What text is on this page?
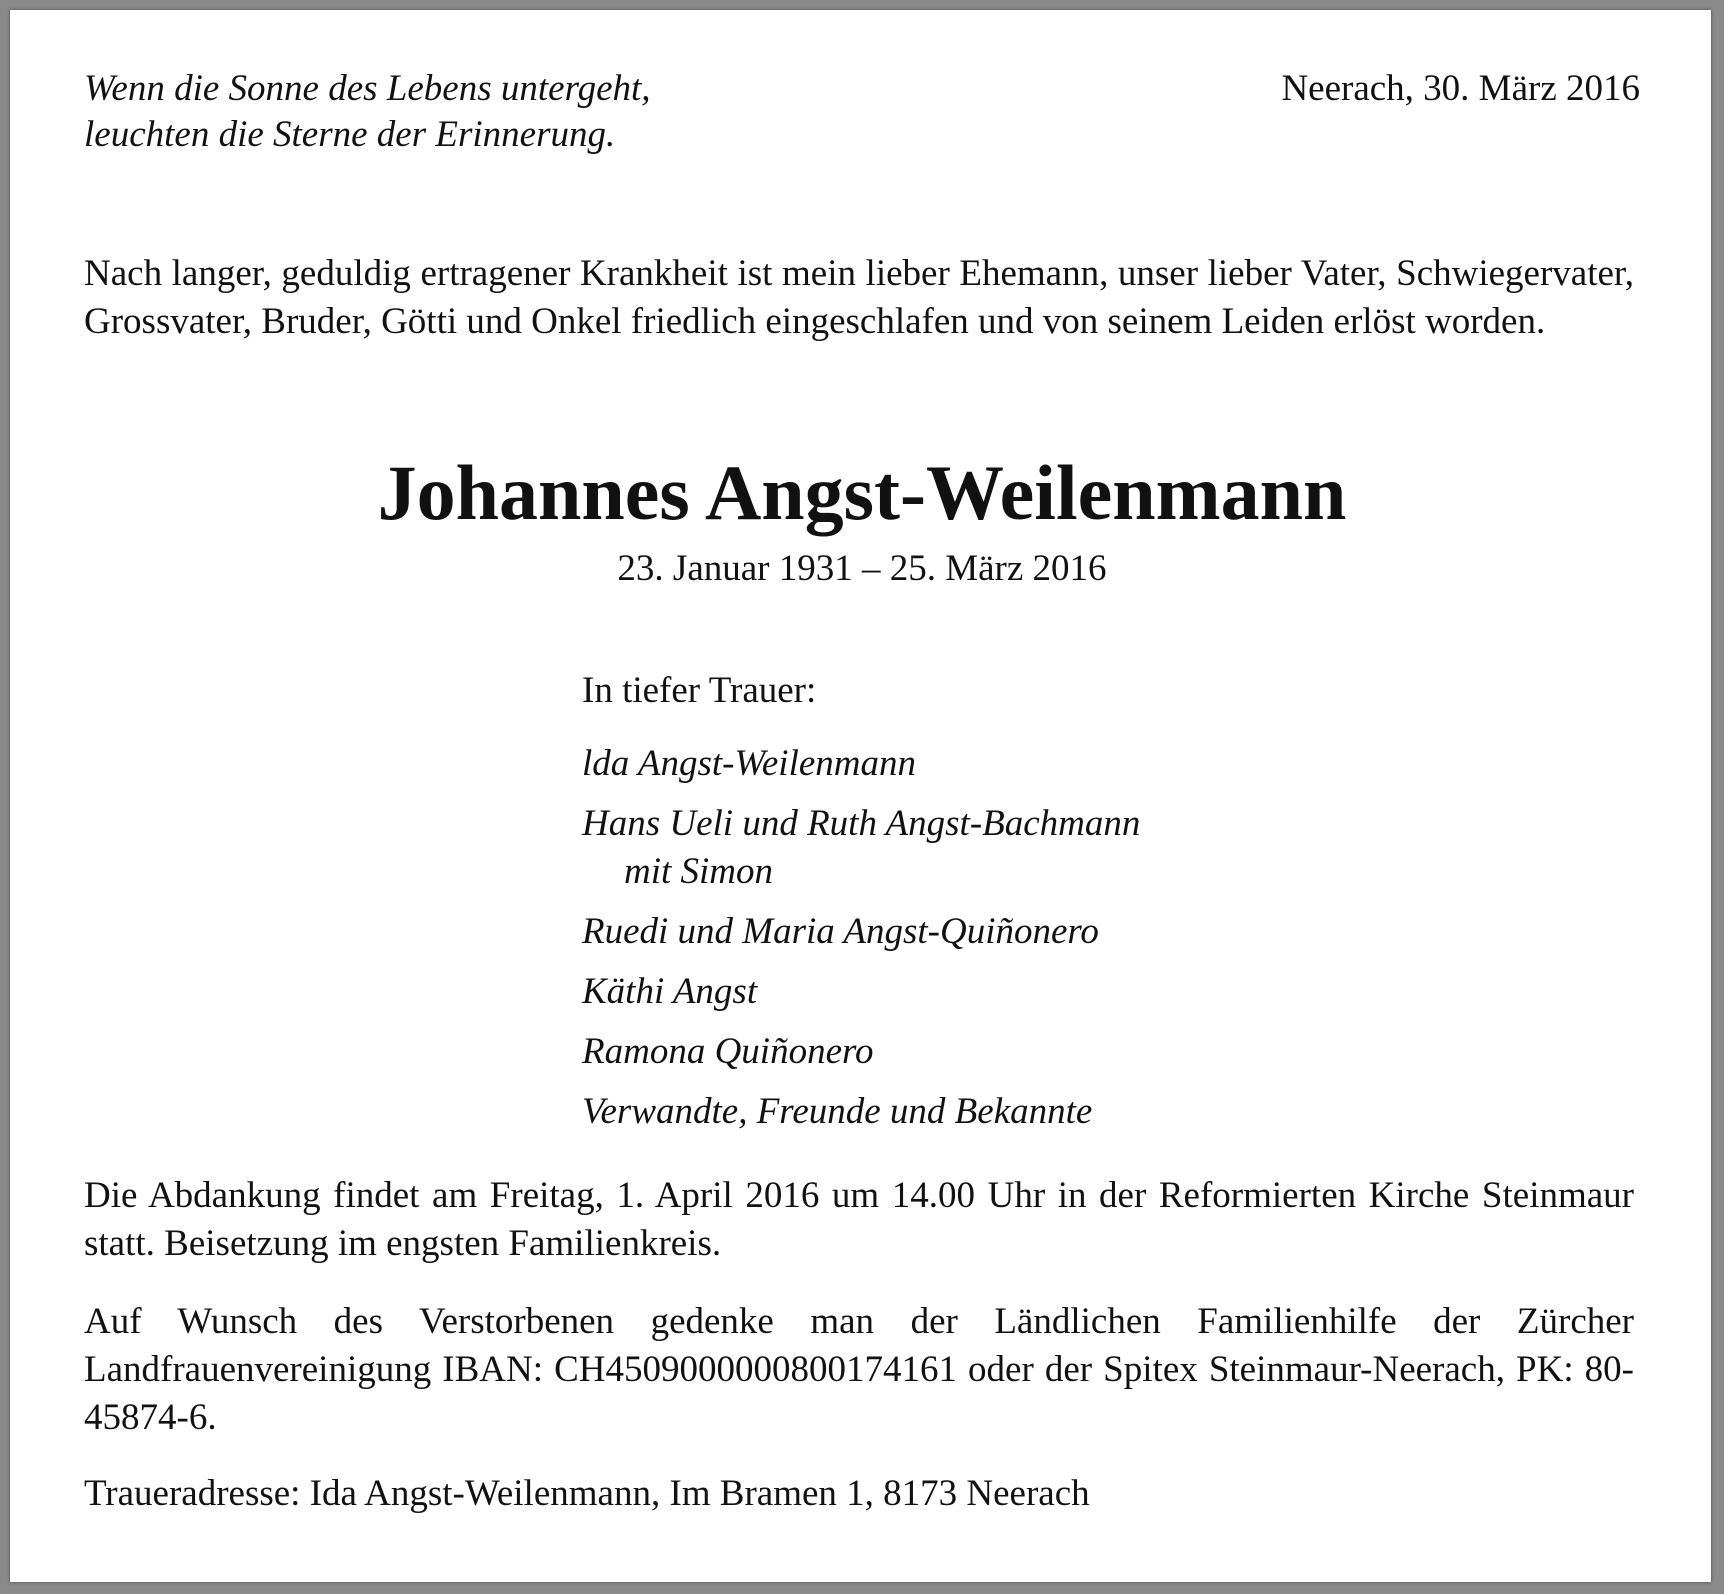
Wenn die Sonne des Lebens untergeht,
leuchten die Sterne der Erinnerung.
Neerach, 30. März 2016
Nach langer, geduldig ertragener Krankheit ist mein lieber Ehemann, unser lieber Vater, Schwiegervater, Grossvater, Bruder, Götti und Onkel friedlich eingeschlafen und von seinem Leiden erlöst worden.
Johannes Angst-Weilenmann
23. Januar 1931 – 25. März 2016
In tiefer Trauer:
lda Angst-Weilenmann
Hans Ueli und Ruth Angst-Bachmann
mit Simon
Ruedi und Maria Angst-Quiñonero
Käthi Angst
Ramona Quiñonero
Verwandte, Freunde und Bekannte
Die Abdankung findet am Freitag, 1. April 2016 um 14.00 Uhr in der Reformierten Kirche Steinmaur statt. Beisetzung im engsten Familienkreis.
Auf Wunsch des Verstorbenen gedenke man der Ländlichen Familienhilfe der Zürcher Landfrauenvereinigung IBAN: CH4509000000800174161 oder der Spitex Steinmaur-Neerach, PK: 80-45874-6.
Traueradresse: Ida Angst-Weilenmann, Im Bramen 1, 8173 Neerach
